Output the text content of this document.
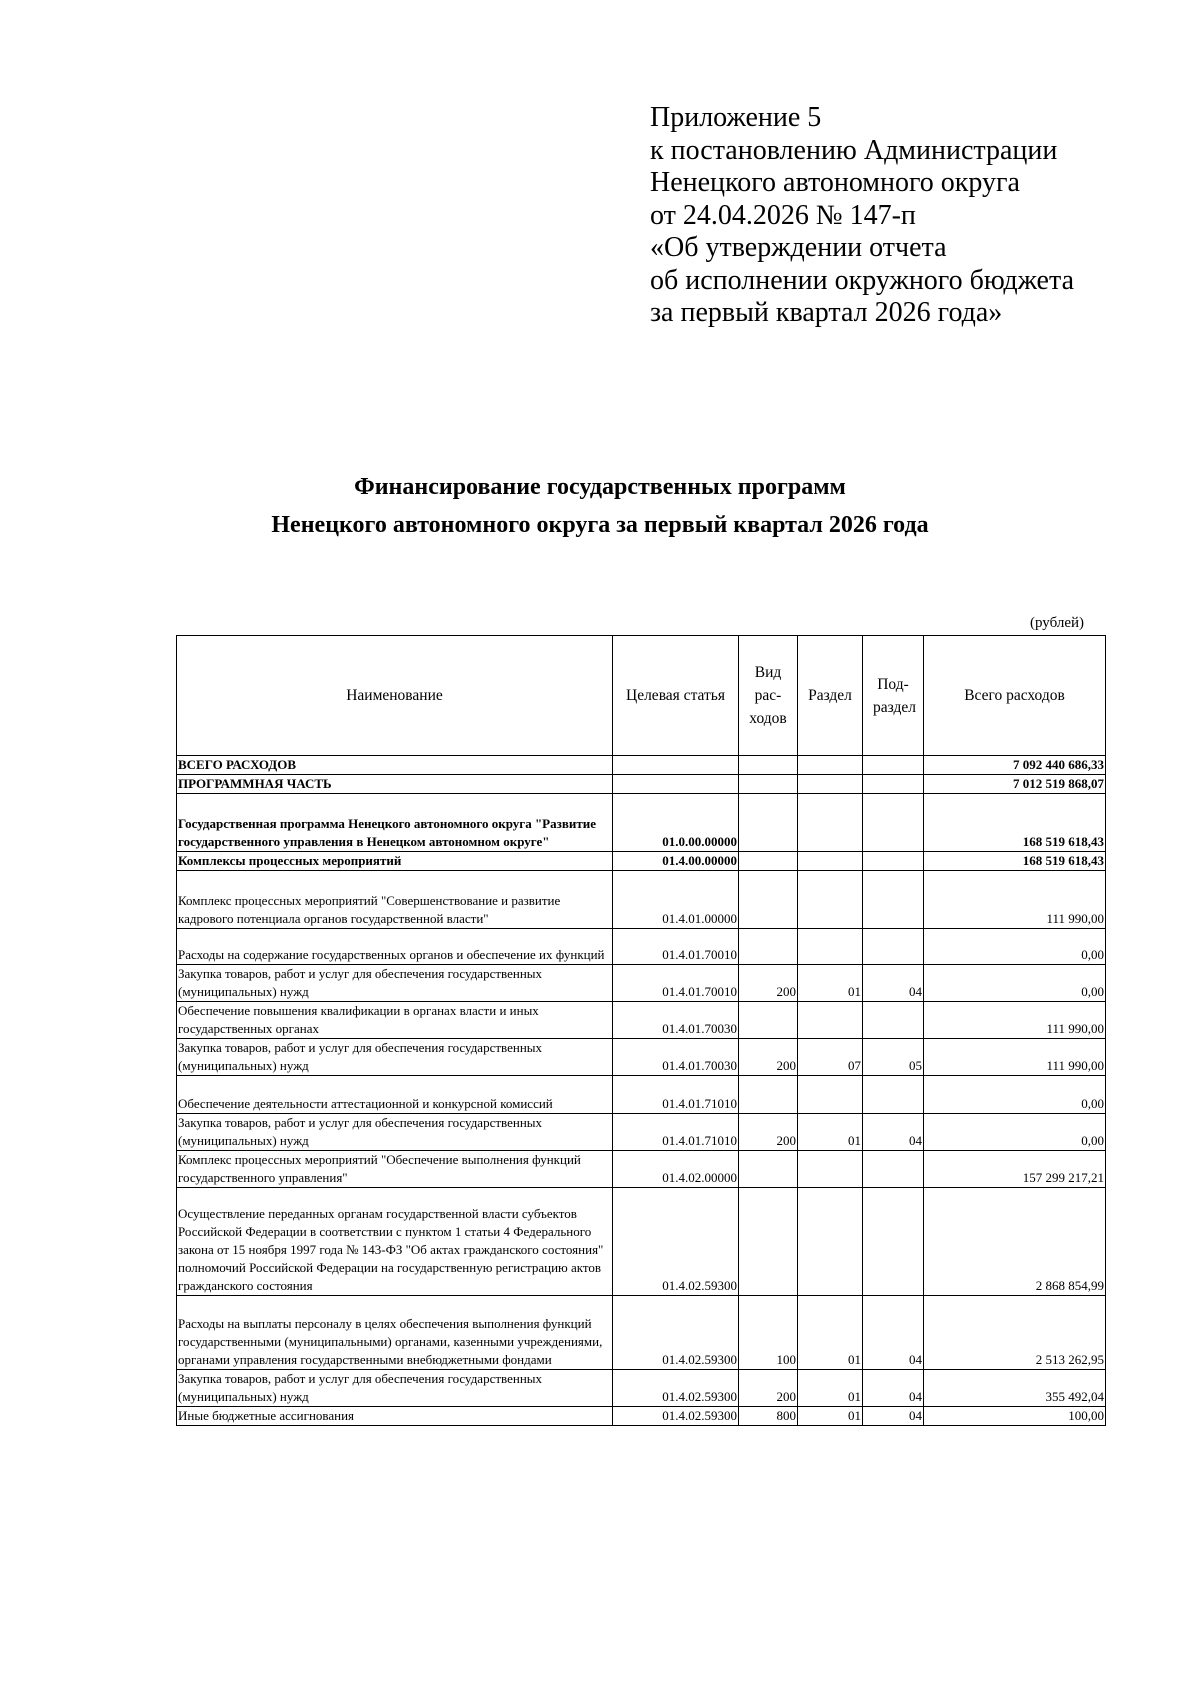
Приложение 5
к постановлению Администрации
Ненецкого автономного округа
от 24.04.2026 № 147-п
«Об утверждении отчета
об исполнении окружного бюджета
за первый квартал 2026 года»
Финансирование государственных программ
Ненецкого автономного округа за первый квартал 2026 года
(рублей)
Наименование	Целевая статья	Вид рас- ходов	Раздел	Под- раздел	Всего расходов
ВСЕГО РАСХОДОВ					7 092 440 686,33
ПРОГРАММНАЯ ЧАСТЬ					7 012 519 868,07
Государственная программа Ненецкого автономного округа "Развитие государственного управления в Ненецком автономном округе"	01.0.00.00000				168 519 618,43
Комплексы процессных мероприятий	01.4.00.00000				168 519 618,43
Комплекс процессных мероприятий "Совершенствование и развитие кадрового потенциала органов государственной власти"	01.4.01.00000				111 990,00
Расходы на содержание государственных органов и обеспечение их функций	01.4.01.70010				0,00
Закупка товаров, работ и услуг для обеспечения государственных (муниципальных) нужд	01.4.01.70010	200	01	04	0,00
Обеспечение повышения квалификации в органах власти и иных государственных органах	01.4.01.70030				111 990,00
Закупка товаров, работ и услуг для обеспечения государственных (муниципальных) нужд	01.4.01.70030	200	07	05	111 990,00
Обеспечение деятельности аттестационной и конкурсной комиссий	01.4.01.71010				0,00
Закупка товаров, работ и услуг для обеспечения государственных (муниципальных) нужд	01.4.01.71010	200	01	04	0,00
Комплекс процессных мероприятий "Обеспечение выполнения функций государственного управления"	01.4.02.00000				157 299 217,21
Осуществление переданных органам государственной власти субъектов Российской Федерации в соответствии с пунктом 1 статьи 4 Федерального закона от 15 ноября 1997 года № 143-ФЗ "Об актах гражданского состояния" полномочий Российской Федерации на государственную регистрацию актов гражданского состояния	01.4.02.59300				2 868 854,99
Расходы на выплаты персоналу в целях обеспечения выполнения функций государственными (муниципальными) органами, казенными учреждениями, органами управления государственными внебюджетными фондами	01.4.02.59300	100	01	04	2 513 262,95
Закупка товаров, работ и услуг для обеспечения государственных (муниципальных) нужд	01.4.02.59300	200	01	04	355 492,04
Иные бюджетные ассигнования	01.4.02.59300	800	01	04	100,00
